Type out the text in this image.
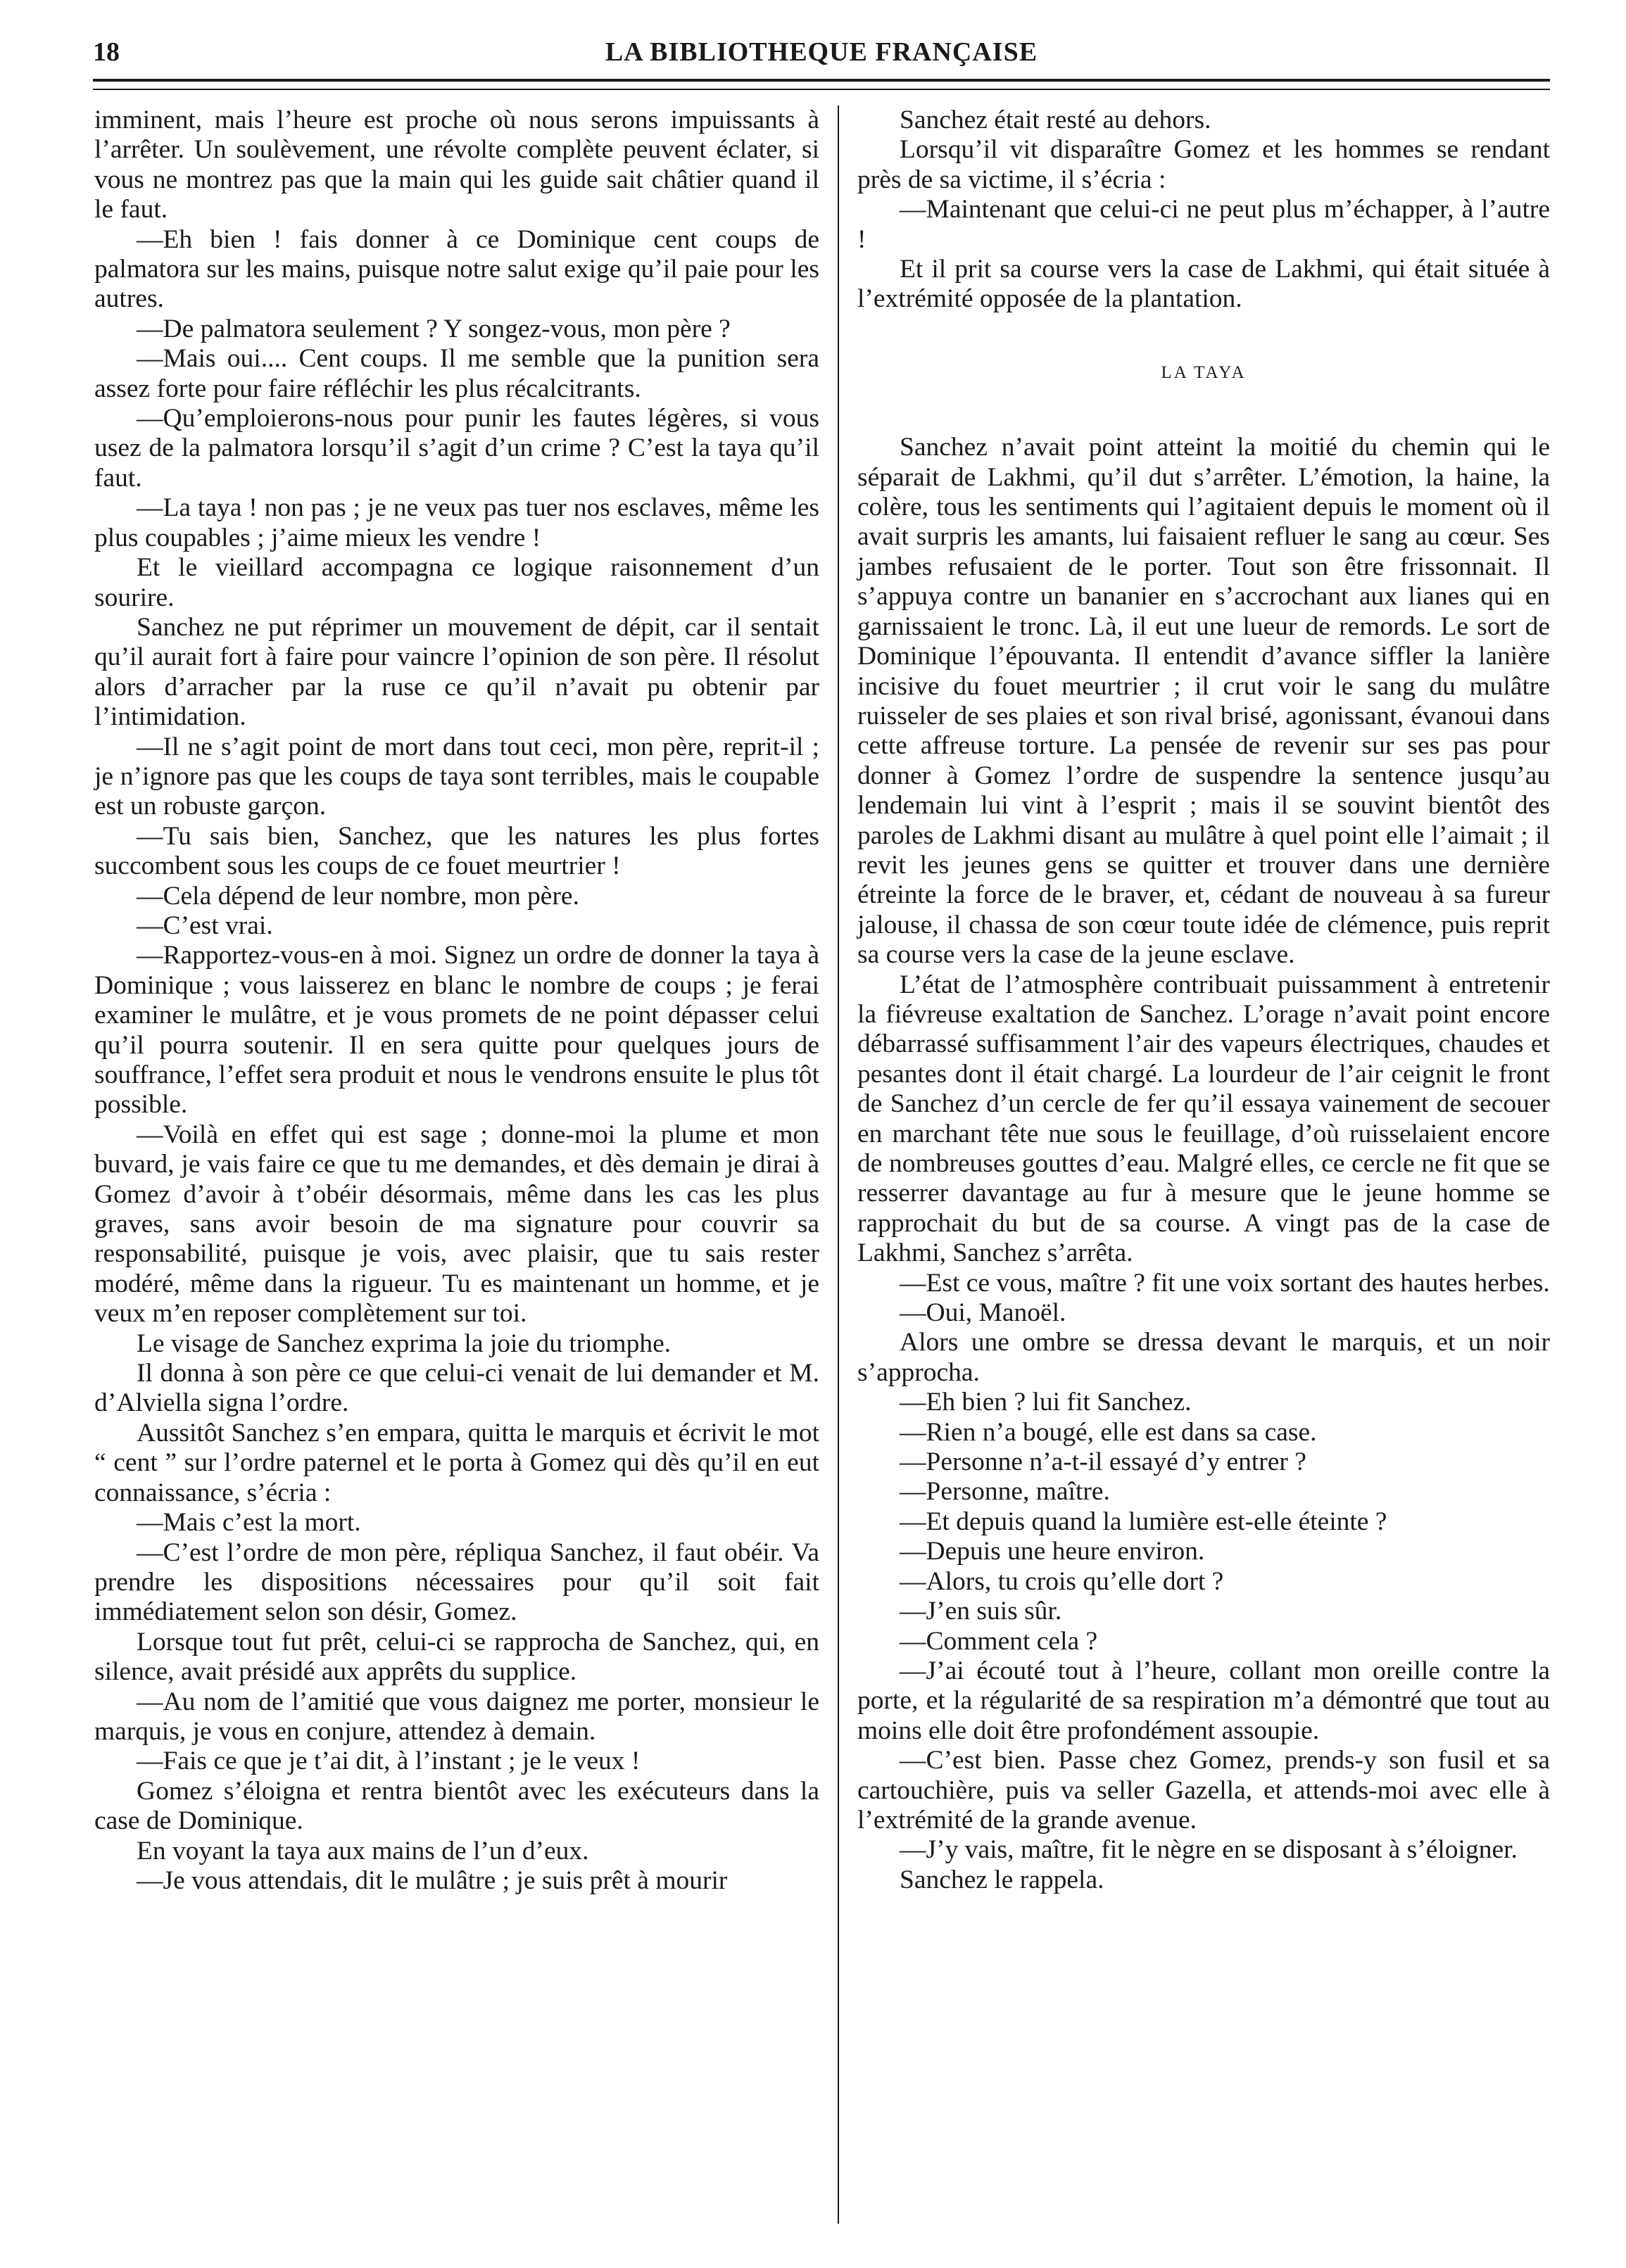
18	LA BIBLIOTHEQUE FRANÇAISE

imminent, mais l’heure est proche où nous serons impuissants à l’arrêter. Un soulèvement, une révolte complète peuvent éclater, si vous ne montrez pas que la main qui les guide sait châtier quand il le faut.

—Eh bien ! fais donner à ce Dominique cent coups de palmatora sur les mains, puisque notre salut exige qu’il paie pour les autres.

—De palmatora seulement ? Y songez-vous, mon père ?

—Mais oui.... Cent coups. Il me semble que la punition sera assez forte pour faire réfléchir les plus récalcitrants.

—Qu’emploierons-nous pour punir les fautes légères, si vous usez de la palmatora lorsqu’il s’agit d’un crime ? C’est la taya qu’il faut.

—La taya ! non pas ; je ne veux pas tuer nos esclaves, même les plus coupables ; j’aime mieux les vendre !

Et le vieillard accompagna ce logique raisonnement d’un sourire.

Sanchez ne put réprimer un mouvement de dépit, car il sentait qu’il aurait fort à faire pour vaincre l’opinion de son père. Il résolut alors d’arracher par la ruse ce qu’il n’avait pu obtenir par l’intimidation.

—Il ne s’agit point de mort dans tout ceci, mon père, reprit-il ; je n’ignore pas que les coups de taya sont terribles, mais le coupable est un robuste garçon.

—Tu sais bien, Sanchez, que les natures les plus fortes succombent sous les coups de ce fouet meurtrier !

—Cela dépend de leur nombre, mon père.

—C’est vrai.

—Rapportez-vous-en à moi. Signez un ordre de donner la taya à Dominique ; vous laisserez en blanc le nombre de coups ; je ferai examiner le mulâtre, et je vous promets de ne point dépasser celui qu’il pourra soutenir. Il en sera quitte pour quelques jours de souffrance, l’effet sera produit et nous le vendrons ensuite le plus tôt possible.

—Voilà en effet qui est sage ; donne-moi la plume et mon buvard, je vais faire ce que tu me demandes, et dès demain je dirai à Gomez d’avoir à t’obéir désormais, même dans les cas les plus graves, sans avoir besoin de ma signature pour couvrir sa responsabilité, puisque je vois, avec plaisir, que tu sais rester modéré, même dans la rigueur. Tu es maintenant un homme, et je veux m’en reposer complètement sur toi.

Le visage de Sanchez exprima la joie du triomphe.

Il donna à son père ce que celui-ci venait de lui demander et M. d’Alviella signa l’ordre.

Aussitôt Sanchez s’en empara, quitta le marquis et écrivit le mot “ cent ” sur l’ordre paternel et le porta à Gomez qui dès qu’il en eut connaissance, s’écria :

—Mais c’est la mort.

—C’est l’ordre de mon père, répliqua Sanchez, il faut obéir. Va prendre les dispositions nécessaires pour qu’il soit fait immédiatement selon son désir, Gomez.

Lorsque tout fut prêt, celui-ci se rapprocha de Sanchez, qui, en silence, avait présidé aux apprêts du supplice.

—Au nom de l’amitié que vous daignez me porter, monsieur le marquis, je vous en conjure, attendez à demain.

—Fais ce que je t’ai dit, à l’instant ; je le veux !

Gomez s’éloigna et rentra bientôt avec les exécuteurs dans la case de Dominique.

En voyant la taya aux mains de l’un d’eux.

—Je vous attendais, dit le mulâtre ; je suis prêt à mourir

Sanchez était resté au dehors.

Lorsqu’il vit disparaître Gomez et les hommes se rendant près de sa victime, il s’écria :

—Maintenant que celui-ci ne peut plus m’échapper, à l’autre !

Et il prit sa course vers la case de Lakhmi, qui était située à l’extrémité opposée de la plantation.

LA TAYA

Sanchez n’avait point atteint la moitié du chemin qui le séparait de Lakhmi, qu’il dut s’arrêter. L’émotion, la haine, la colère, tous les sentiments qui l’agitaient depuis le moment où il avait surpris les amants, lui faisaient refluer le sang au cœur. Ses jambes refusaient de le porter. Tout son être frissonnait. Il s’appuya contre un bananier en s’accrochant aux lianes qui en garnissaient le tronc. Là, il eut une lueur de remords. Le sort de Dominique l’épouvanta. Il entendit d’avance siffler la lanière incisive du fouet meurtrier ; il crut voir le sang du mulâtre ruisseler de ses plaies et son rival brisé, agonissant, évanoui dans cette affreuse torture. La pensée de revenir sur ses pas pour donner à Gomez l’ordre de suspendre la sentence jusqu’au lendemain lui vint à l’esprit ; mais il se souvint bientôt des paroles de Lakhmi disant au mulâtre à quel point elle l’aimait ; il revit les jeunes gens se quitter et trouver dans une dernière étreinte la force de le braver, et, cédant de nouveau à sa fureur jalouse, il chassa de son cœur toute idée de clémence, puis reprit sa course vers la case de la jeune esclave.

L’état de l’atmosphère contribuait puissamment à entretenir la fiévreuse exaltation de Sanchez. L’orage n’avait point encore débarrassé suffisamment l’air des vapeurs électriques, chaudes et pesantes dont il était chargé. La lourdeur de l’air ceignit le front de Sanchez d’un cercle de fer qu’il essaya vainement de secouer en marchant tête nue sous le feuillage, d’où ruisselaient encore de nombreuses gouttes d’eau. Malgré elles, ce cercle ne fit que se resserrer davantage au fur à mesure que le jeune homme se rapprochait du but de sa course. A vingt pas de la case de Lakhmi, Sanchez s’arrêta.

—Est ce vous, maître ? fit une voix sortant des hautes herbes.

—Oui, Manoël.

Alors une ombre se dressa devant le marquis, et un noir s’approcha.

—Eh bien ? lui fit Sanchez.

—Rien n’a bougé, elle est dans sa case.

—Personne n’a-t-il essayé d’y entrer ?

—Personne, maître.

—Et depuis quand la lumière est-elle éteinte ?

—Depuis une heure environ.

—Alors, tu crois qu’elle dort ?

—J’en suis sûr.

—Comment cela ?

—J’ai écouté tout à l’heure, collant mon oreille contre la porte, et la régularité de sa respiration m’a démontré que tout au moins elle doit être profondément assoupie.

—C’est bien. Passe chez Gomez, prends-y son fusil et sa cartouchière, puis va seller Gazella, et attends-moi avec elle à l’extrémité de la grande avenue.

—J’y vais, maître, fit le nègre en se disposant à s’éloigner.

Sanchez le rappela.
